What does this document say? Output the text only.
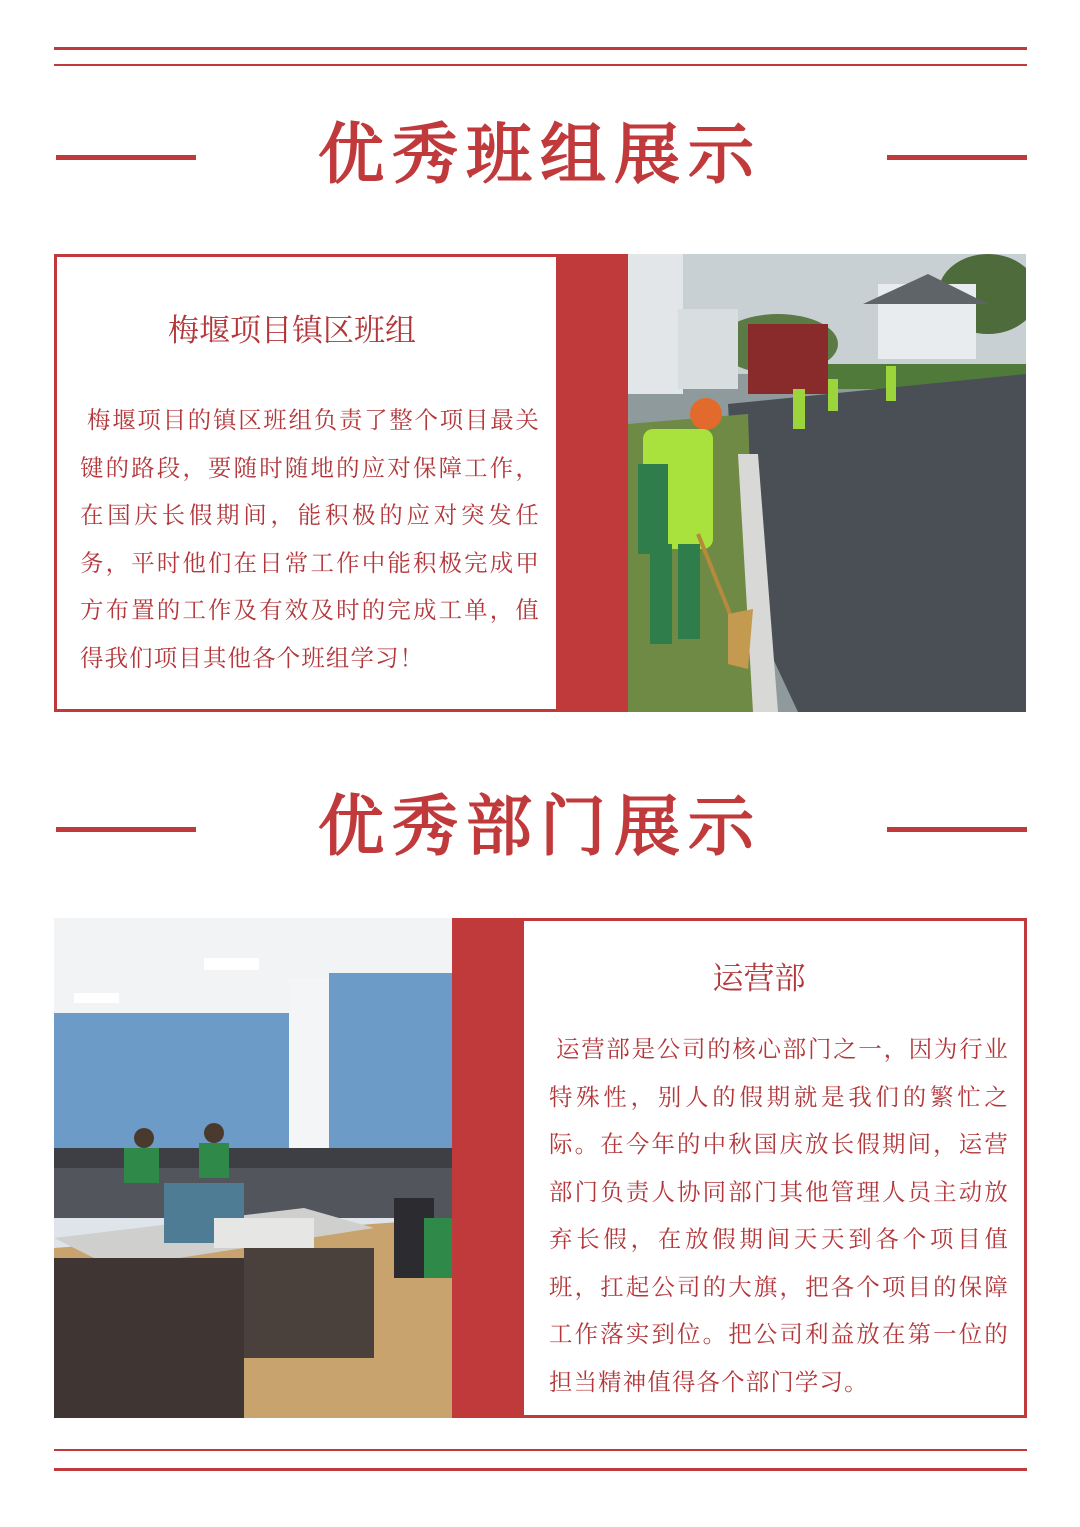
优秀班组展示
梅堰项目镇区班组
梅堰项目的镇区班组负责了整个项目最关键的路段，要随时随地的应对保障工作，在国庆长假期间，能积极的应对突发任务，平时他们在日常工作中能积极完成甲方布置的工作及有效及时的完成工单，值得我们项目其他各个班组学习！
优秀部门展示
运营部
运营部是公司的核心部门之一，因为行业特殊性，别人的假期就是我们的繁忙之际。在今年的中秋国庆放长假期间，运营部门负责人协同部门其他管理人员主动放弃长假，在放假期间天天到各个项目值班，扛起公司的大旗，把各个项目的保障工作落实到位。把公司利益放在第一位的担当精神值得各个部门学习。
